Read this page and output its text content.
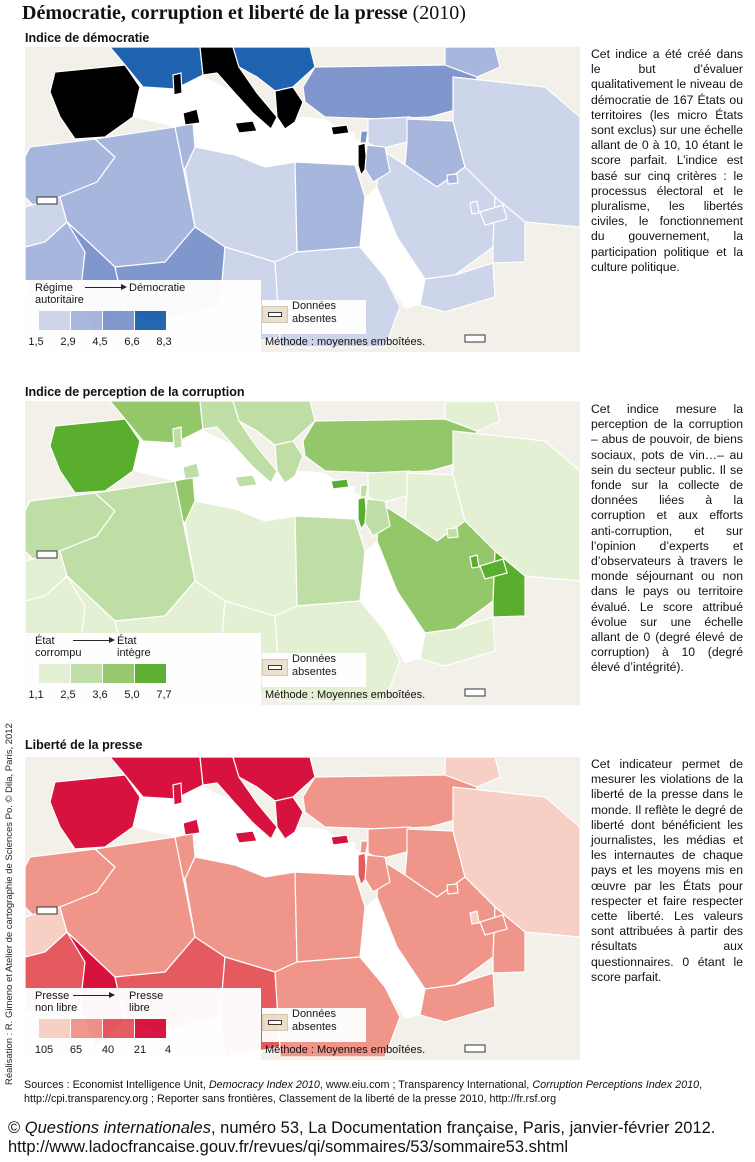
Démocratie, corruption et liberté de la presse (2010)
Indice de démocratie
Régime autoritaire
Démocratie
1,5 2,9 4,5 6,6 8,3
Données absentes
Méthode : moyennes emboîtées.
Cet indice a été créé dans le but d’évaluer qualitativement le niveau de démocratie de 167 États ou territoires (les micro États sont exclus) sur une échelle allant de 0 à 10, 10 étant le score parfait. L’indice est basé sur cinq critères : le processus électoral et le pluralisme, les libertés civiles, le fonctionnement du gouvernement, la participation politique et la culture politique.
Indice de perception de la corruption
État corrompu
État intègre
1,1 2,5 3,6 5,0 7,7
Données absentes
Méthode : Moyennes emboîtées.
Cet indice mesure la perception de la corruption – abus de pouvoir, de biens sociaux, pots de vin…– au sein du secteur public. Il se fonde sur la collecte de données liées à la corruption et aux efforts anti-corruption, et sur l’opinion d’experts et d’observateurs à travers le monde séjournant ou non dans le pays ou territoire évalué. Le score attribué évolue sur une échelle allant de 0 (degré élevé de corruption) à 10 (degré élevé d’intégrité).
Liberté de la presse
Presse non libre
Presse libre
105 65 40 21 4
Données absentes
Méthode : Moyennes emboîtées.
Cet indicateur permet de mesurer les violations de la liberté de la presse dans le monde. Il reflète le degré de liberté dont bénéficient les journalistes, les médias et les internautes de chaque pays et les moyens mis en œuvre par les États pour respecter et faire respecter cette liberté. Les valeurs sont attribuées à partir des résultats aux questionnaires. 0 étant le score parfait.
Réalisation : R. Gimeno et Atelier de cartographie de Sciences Po. © Dila, Paris, 2012 Sources : Economist Intelligence Unit, Democracy Index 2010, www.eiu.com ; Transparency International, Corruption Perceptions Index 2010, http://cpi.transparency.org ; Reporter sans frontières, Classement de la liberté de la presse 2010, http://fr.rsf.org
© Questions internationales, numéro 53, La Documentation française, Paris, janvier-février 2012.
http://www.ladocfrancaise.gouv.fr/revues/qi/sommaires/53/sommaire53.shtml
